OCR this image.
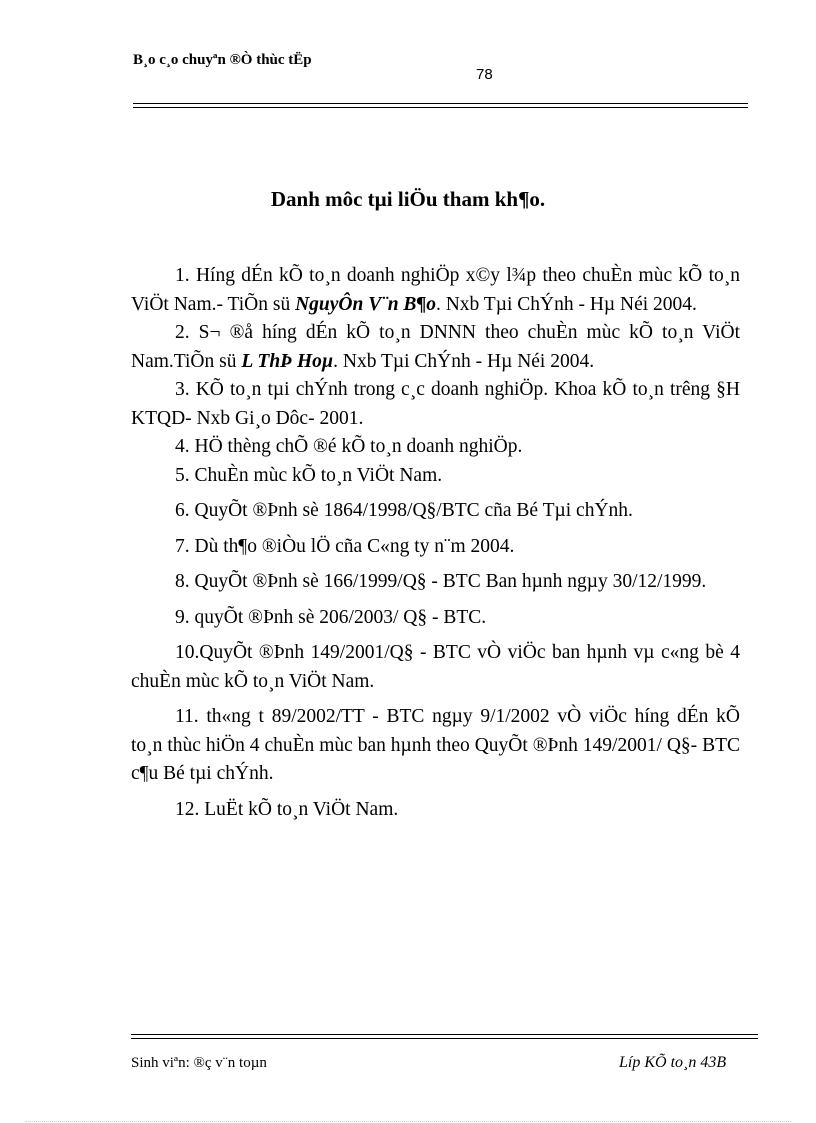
B¸o c¸o chuyªn ®Ò thùc tËp
78
Danh môc tµi liÖu tham kh¶o.
1. Híng dÉn kÕ to¸n doanh nghiÖp x©y l¾p theo chuÈn mùc kÕ to¸n ViÖt Nam.- TiÕn sü NguyÔn V¨n B¶o. Nxb Tµi ChÝnh - Hµ Néi 2004.
2. S¬ ®å híng dÉn kÕ to¸n DNNN theo chuÈn mùc kÕ to¸n ViÖt Nam.TiÕn sü L ThÞ Hoµ. Nxb Tµi ChÝnh - Hµ Néi 2004.
3. KÕ to¸n tµi chÝnh trong c¸c doanh nghiÖp. Khoa kÕ to¸n trêng §H KTQD- Nxb Gi¸o Dôc- 2001.
4. HÖ thèng chÕ ®é kÕ to¸n doanh nghiÖp.
5. ChuÈn mùc kÕ to¸n ViÖt Nam.
6. QuyÕt ®Þnh sè 1864/1998/Q§/BTC cña Bé Tµi chÝnh.
7. Dù th¶o ®iÒu lÖ cña C«ng ty n¨m 2004.
8. QuyÕt ®Þnh sè 166/1999/Q§ - BTC Ban hµnh ngµy 30/12/1999.
9. quyÕt ®Þnh sè 206/2003/ Q§ - BTC.
10.QuyÕt ®Þnh 149/2001/Q§ - BTC vÒ viÖc ban hµnh vµ c«ng bè 4 chuÈn mùc kÕ to¸n ViÖt Nam.
11. th«ng t 89/2002/TT - BTC ngµy 9/1/2002 vÒ viÖc híng dÉn kÕ to¸n thùc hiÖn 4 chuÈn mùc ban hµnh theo QuyÕt ®Þnh 149/2001/ Q§- BTC c¶u Bé tµi chÝnh.
12. LuËt kÕ to¸n ViÖt Nam.
Sinh viªn: ®ç v¨n toµn	Líp KÕ to¸n 43B
